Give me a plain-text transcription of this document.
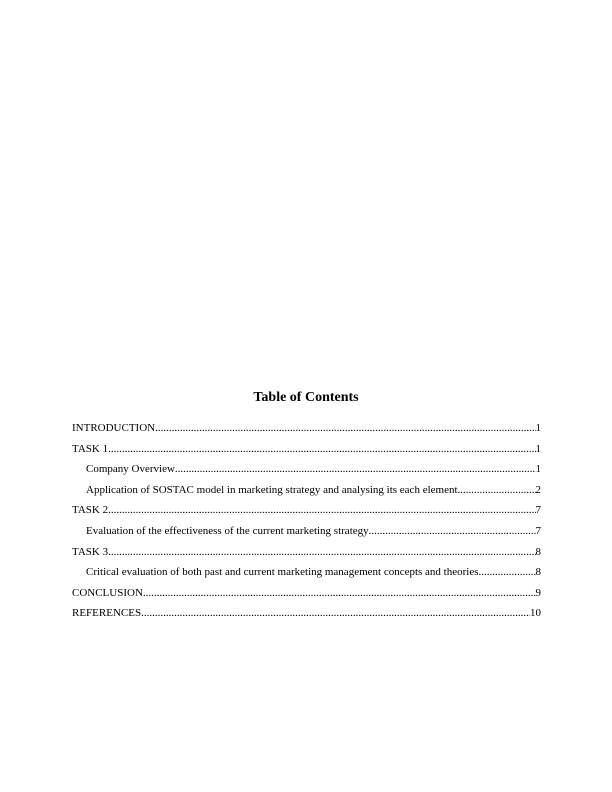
Table of Contents
INTRODUCTION .....	1
TASK 1 .....	1
Company Overview .....	1
Application of SOSTAC model in marketing strategy and analysing its each element .....	2
TASK 2 .....	7
Evaluation of the effectiveness of the current marketing strategy .....	7
TASK 3 .....	8
Critical evaluation of both past and current marketing management concepts and theories .....	8
CONCLUSION .....	9
REFERENCES .....	10
